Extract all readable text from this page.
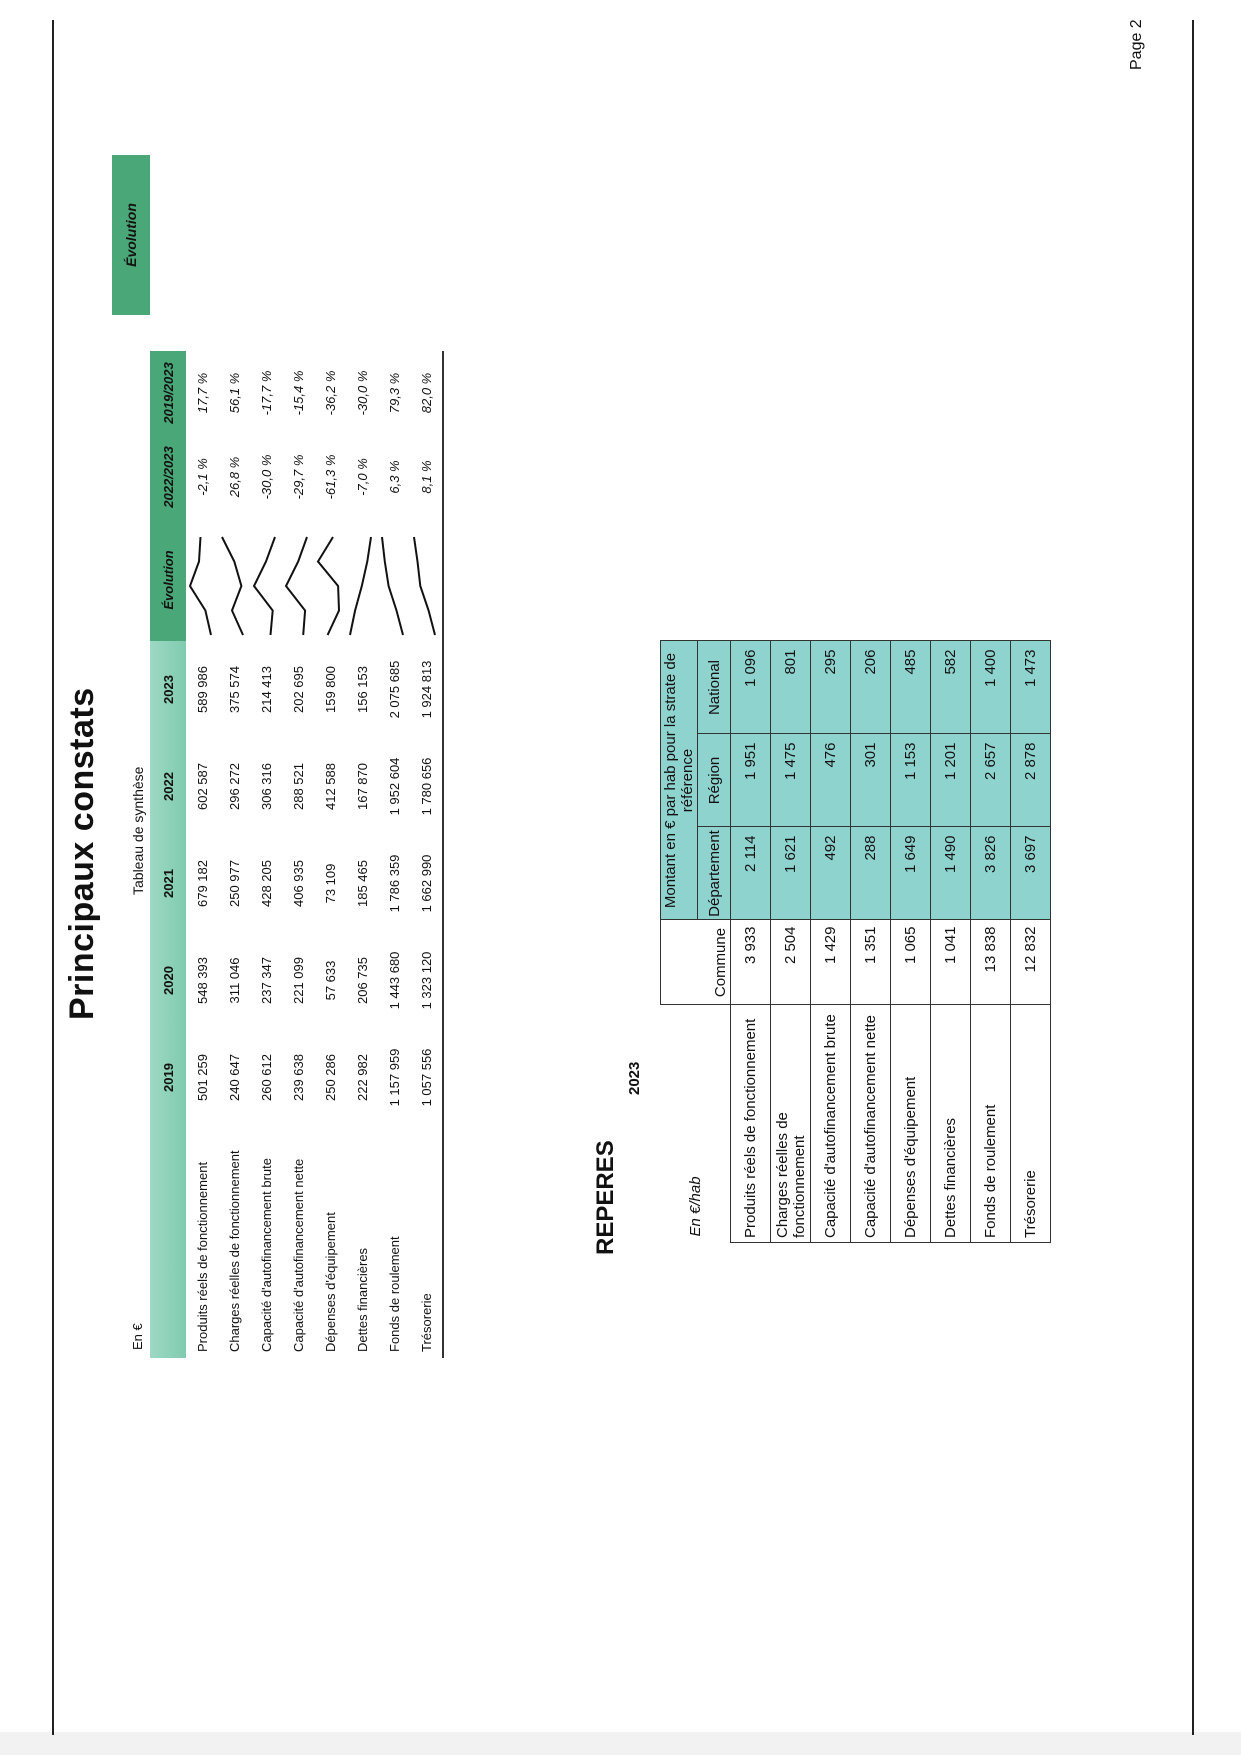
Page 2
Principaux constats
En €
Tableau de synthèse
Évolution
	2019	2020	2021	2022	2023	Évolution	2022/2023	2019/2023
Produits réels de fonctionnement	501 259	548 393	679 182	602 587	589 986		-2,1 %	17,7 %
Charges réelles de fonctionnement	240 647	311 046	250 977	296 272	375 574		26,8 %	56,1 %
Capacité d'autofinancement brute	260 612	237 347	428 205	306 316	214 413		-30,0 %	-17,7 %
Capacité d'autofinancement nette	239 638	221 099	406 935	288 521	202 695		-29,7 %	-15,4 %
Dépenses d'équipement	250 286	57 633	73 109	412 588	159 800		-61,3 %	-36,2 %
Dettes financières	222 982	206 735	185 465	167 870	156 153		-7,0 %	-30,0 %
Fonds de roulement	1 157 959	1 443 680	1 786 359	1 952 604	2 075 685		6,3 %	79,3 %
Trésorerie	1 057 556	1 323 120	1 662 990	1 780 656	1 924 813		8,1 %	82,0 %
REPERES
2023
En €/hab	Commune	Montant en € par hab pour la strate de référence		
		Département	Région	National
Produits réels de fonctionnement	3 933	2 114	1 951	1 096
Charges réelles de fonctionnement	2 504	1 621	1 475	801
Capacité d'autofinancement brute	1 429	492	476	295
Capacité d'autofinancement nette	1 351	288	301	206
Dépenses d'équipement	1 065	1 649	1 153	485
Dettes financières	1 041	1 490	1 201	582
Fonds de roulement	13 838	3 826	2 657	1 400
Trésorerie	12 832	3 697	2 878	1 473
